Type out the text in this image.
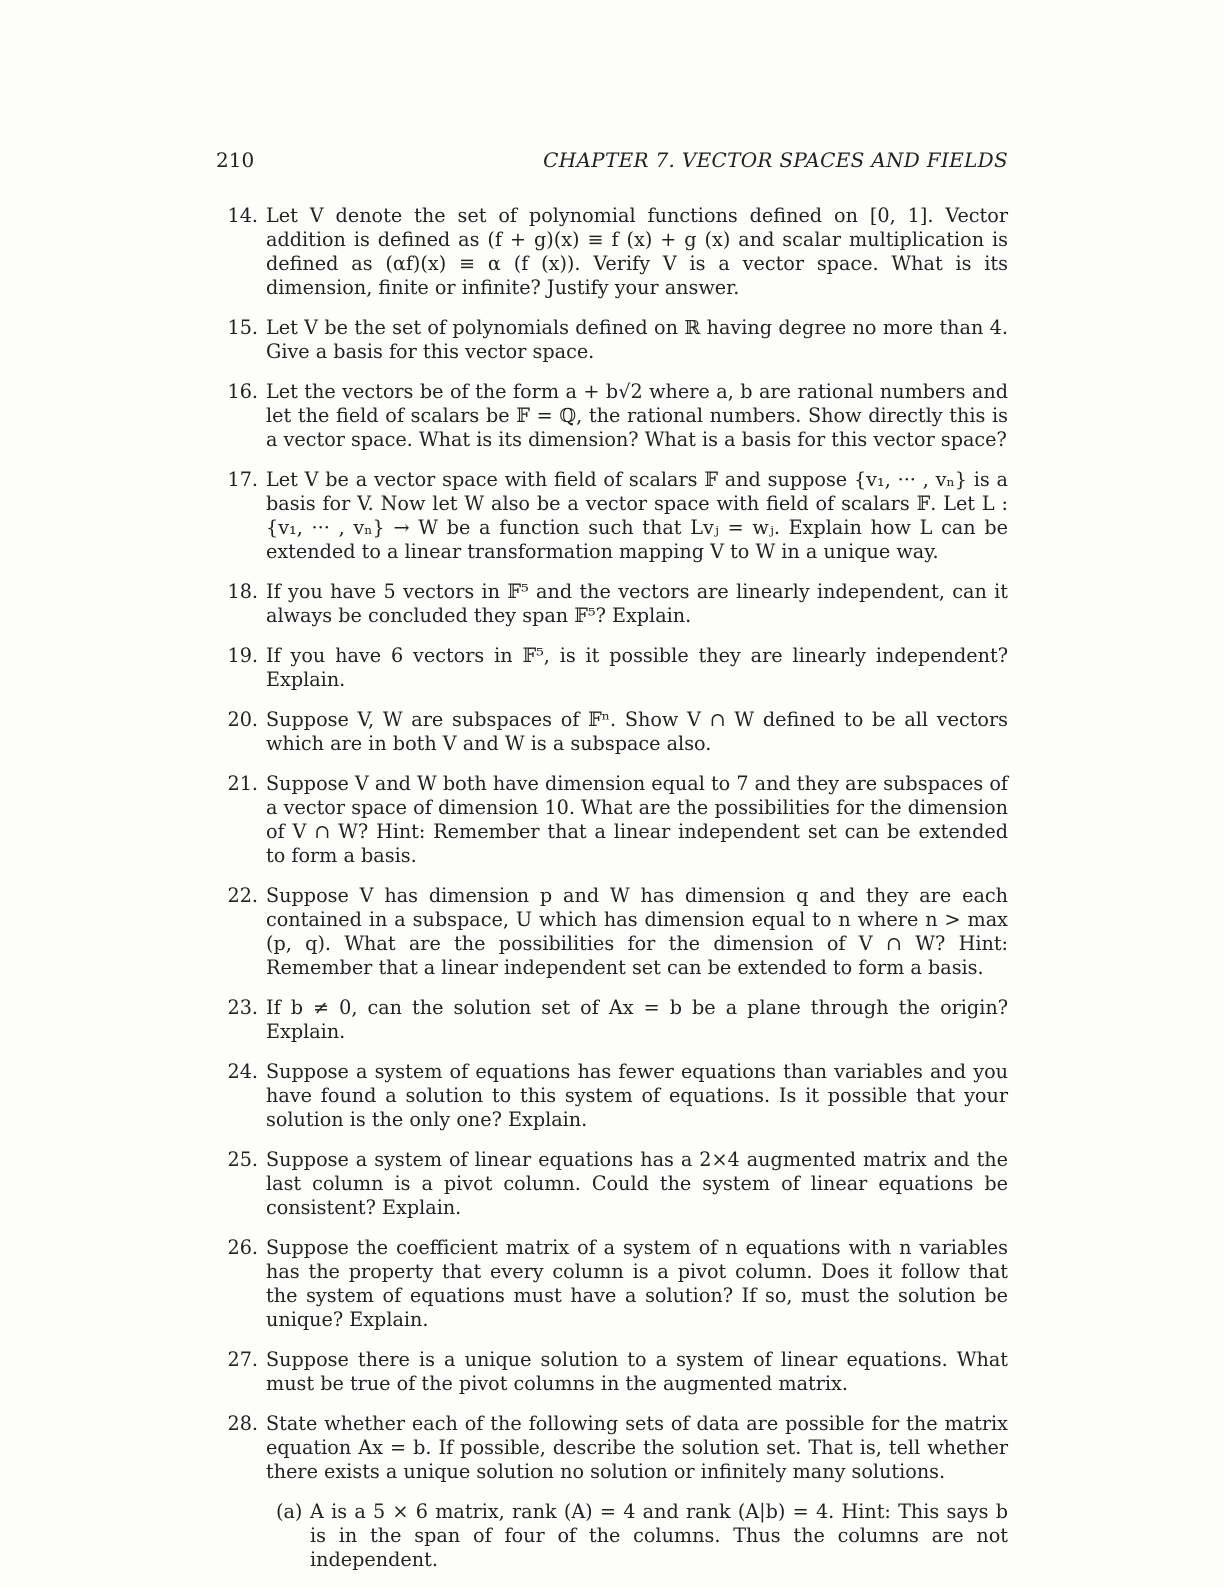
210	CHAPTER 7. VECTOR SPACES AND FIELDS
14. Let V denote the set of polynomial functions defined on [0, 1]. Vector addition is defined as (f + g)(x) ≡ f (x) + g (x) and scalar multiplication is defined as (αf)(x) ≡ α (f (x)). Verify V is a vector space. What is its dimension, finite or infinite? Justify your answer.
15. Let V be the set of polynomials defined on ℝ having degree no more than 4. Give a basis for this vector space.
16. Let the vectors be of the form a + b√2 where a, b are rational numbers and let the field of scalars be 𝔽 = ℚ, the rational numbers. Show directly this is a vector space. What is its dimension? What is a basis for this vector space?
17. Let V be a vector space with field of scalars 𝔽 and suppose {v₁, ··· , vₙ} is a basis for V. Now let W also be a vector space with field of scalars 𝔽. Let L : {v₁, ··· , vₙ} → W be a function such that Lvⱼ = wⱼ. Explain how L can be extended to a linear transformation mapping V to W in a unique way.
18. If you have 5 vectors in 𝔽⁵ and the vectors are linearly independent, can it always be concluded they span 𝔽⁵? Explain.
19. If you have 6 vectors in 𝔽⁵, is it possible they are linearly independent? Explain.
20. Suppose V, W are subspaces of 𝔽ⁿ. Show V ∩ W defined to be all vectors which are in both V and W is a subspace also.
21. Suppose V and W both have dimension equal to 7 and they are subspaces of a vector space of dimension 10. What are the possibilities for the dimension of V ∩ W? Hint: Remember that a linear independent set can be extended to form a basis.
22. Suppose V has dimension p and W has dimension q and they are each contained in a subspace, U which has dimension equal to n where n > max (p, q). What are the possibilities for the dimension of V ∩ W? Hint: Remember that a linear independent set can be extended to form a basis.
23. If b ≠ 0, can the solution set of Ax = b be a plane through the origin? Explain.
24. Suppose a system of equations has fewer equations than variables and you have found a solution to this system of equations. Is it possible that your solution is the only one? Explain.
25. Suppose a system of linear equations has a 2×4 augmented matrix and the last column is a pivot column. Could the system of linear equations be consistent? Explain.
26. Suppose the coefficient matrix of a system of n equations with n variables has the property that every column is a pivot column. Does it follow that the system of equations must have a solution? If so, must the solution be unique? Explain.
27. Suppose there is a unique solution to a system of linear equations. What must be true of the pivot columns in the augmented matrix.
28. State whether each of the following sets of data are possible for the matrix equation Ax = b. If possible, describe the solution set. That is, tell whether there exists a unique solution no solution or infinitely many solutions.
(a) A is a 5 × 6 matrix, rank (A) = 4 and rank (A|b) = 4. Hint: This says b is in the span of four of the columns. Thus the columns are not independent.
